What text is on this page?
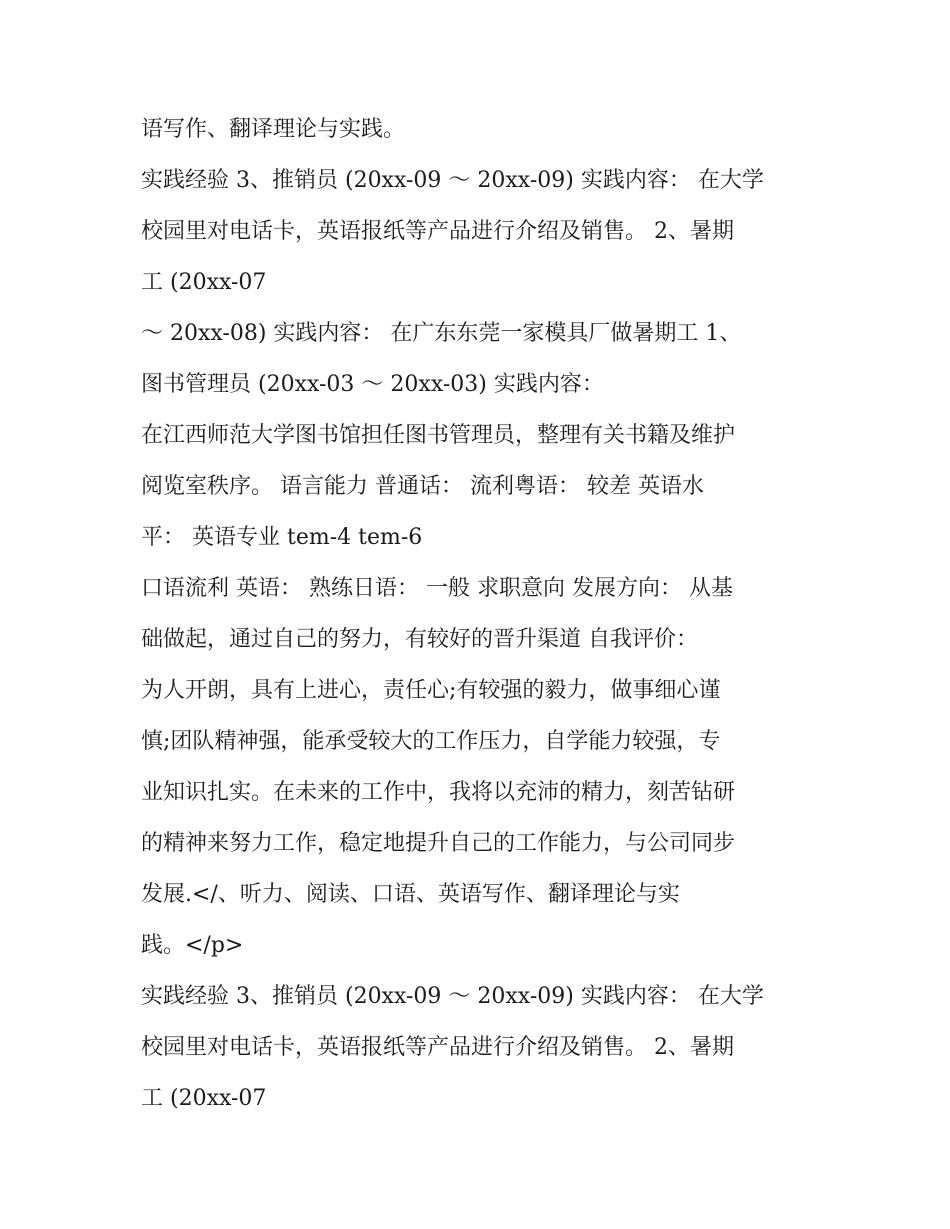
语写作、翻译理论与实践。
实践经验 3、推销员 (20xx-09 ～ 20xx-09) 实践内容： 在大学
校园里对电话卡，英语报纸等产品进行介绍及销售。 2、暑期
工 (20xx-07
～ 20xx-08) 实践内容： 在广东东莞一家模具厂做暑期工 1、
图书管理员 (20xx-03 ～ 20xx-03) 实践内容：
在江西师范大学图书馆担任图书管理员，整理有关书籍及维护
阅览室秩序。 语言能力 普通话： 流利粤语： 较差 英语水
平： 英语专业 tem-4 tem-6
口语流利 英语： 熟练日语： 一般 求职意向 发展方向： 从基
础做起，通过自己的努力，有较好的晋升渠道 自我评价：
为人开朗，具有上进心，责任心;有较强的毅力，做事细心谨
慎;团队精神强，能承受较大的工作压力，自学能力较强，专
业知识扎实。在未来的工作中，我将以充沛的精力，刻苦钻研
的精神来努力工作，稳定地提升自己的工作能力，与公司同步
发展.</、听力、阅读、口语、英语写作、翻译理论与实
践。</p>
实践经验 3、推销员 (20xx-09 ～ 20xx-09) 实践内容： 在大学
校园里对电话卡，英语报纸等产品进行介绍及销售。 2、暑期
工 (20xx-07
